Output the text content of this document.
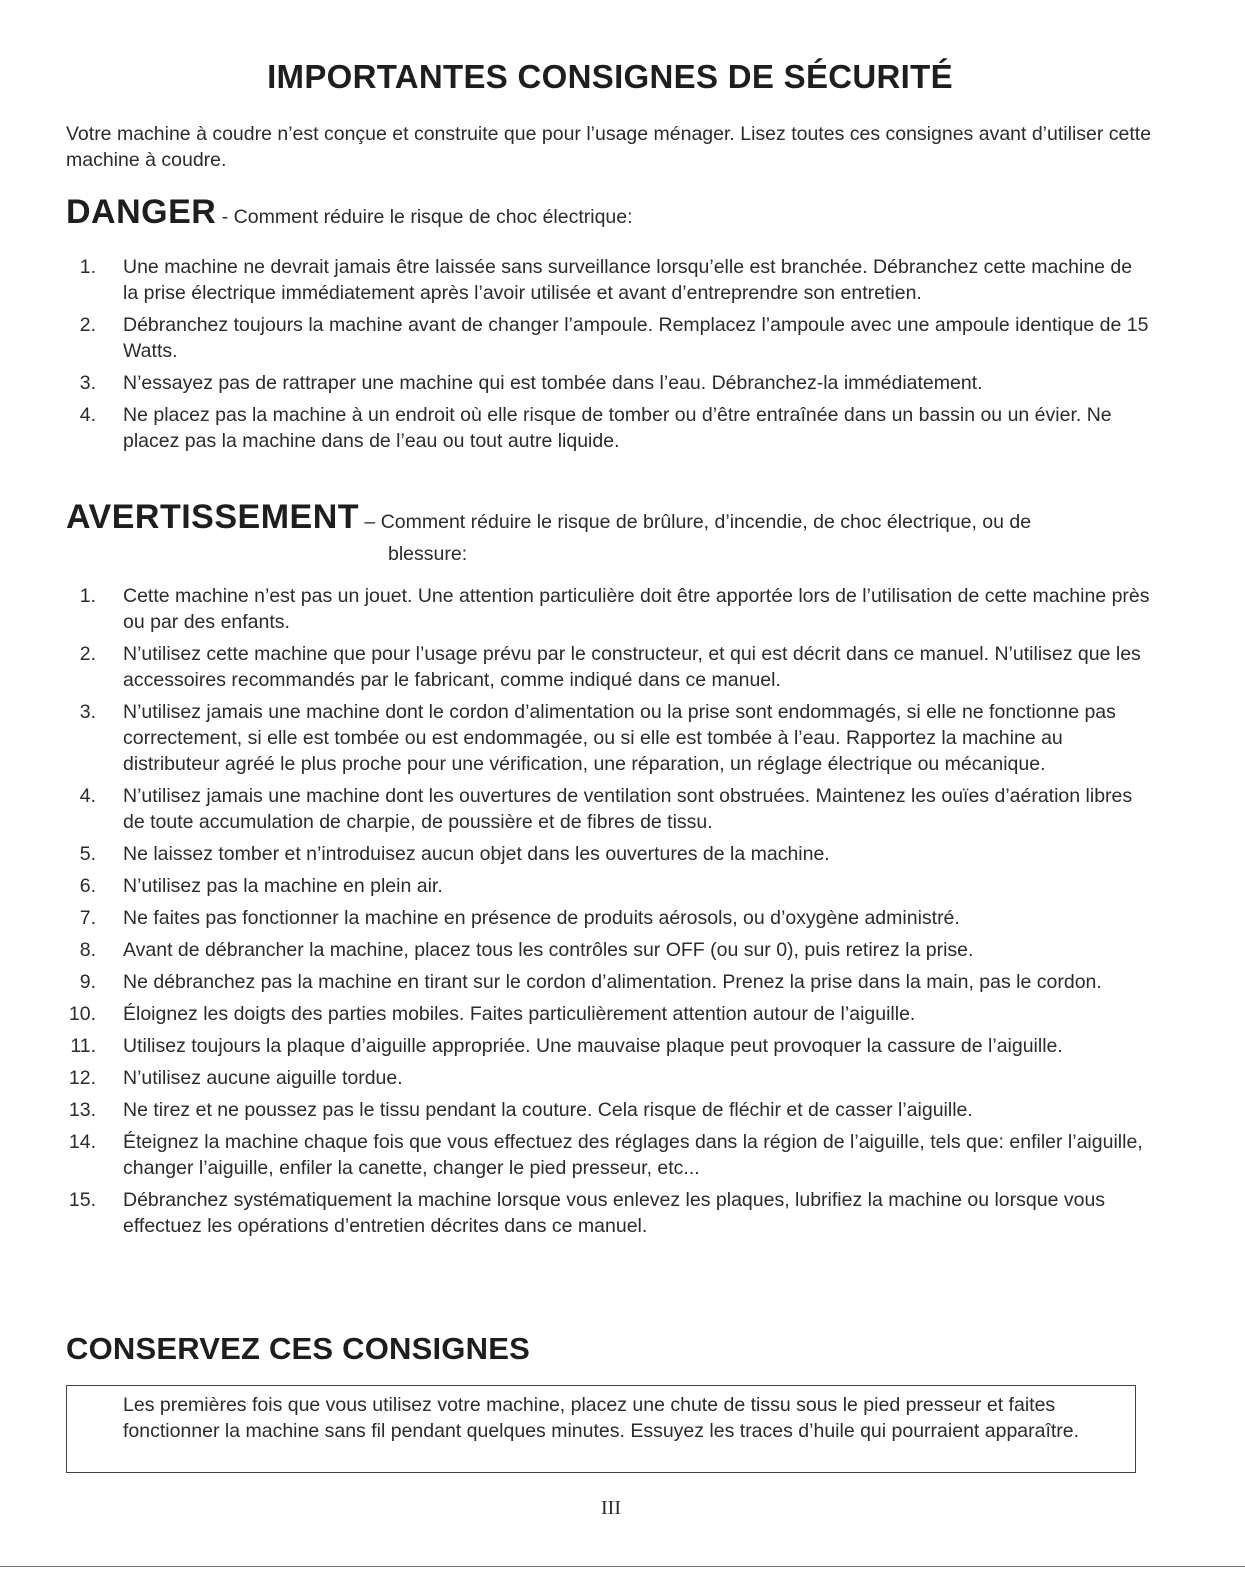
IMPORTANTES CONSIGNES DE SÉCURITÉ

Votre machine à coudre n’est conçue et construite que pour l’usage ménager. Lisez toutes ces consignes avant d’utiliser cette machine à coudre.

DANGER - Comment réduire le risque de choc électrique:
1. Une machine ne devrait jamais être laissée sans surveillance lorsqu’elle est branchée. Débranchez cette machine de la prise électrique immédiatement après l’avoir utilisée et avant d’entreprendre son entretien.
2. Débranchez toujours la machine avant de changer l’ampoule. Remplacez l’ampoule avec une ampoule identique de 15 Watts.
3. N’essayez pas de rattraper une machine qui est tombée dans l’eau. Débranchez-la immédiatement.
4. Ne placez pas la machine à un endroit où elle risque de tomber ou d’être entraînée dans un bassin ou un évier. Ne placez pas la machine dans de l’eau ou tout autre liquide.
AVERTISSEMENT – Comment réduire le risque de brûlure, d’incendie, de choc électrique, ou de
blessure:
1. Cette machine n’est pas un jouet. Une attention particulière doit être apportée lors de l’utilisation de cette machine près ou par des enfants.
2. N’utilisez cette machine que pour l’usage prévu par le constructeur, et qui est décrit dans ce manuel. N’utilisez que les accessoires recommandés par le fabricant, comme indiqué dans ce manuel.
3. N’utilisez jamais une machine dont le cordon d’alimentation ou la prise sont endommagés, si elle ne fonctionne pas correctement, si elle est tombée ou est endommagée, ou si elle est tombée à l’eau. Rapportez la machine au distributeur agréé le plus proche pour une vérification, une réparation, un réglage électrique ou mécanique.
4. N’utilisez jamais une machine dont les ouvertures de ventilation sont obstruées. Maintenez les ouïes d’aération libres de toute accumulation de charpie, de poussière et de fibres de tissu.
5. Ne laissez tomber et n’introduisez aucun objet dans les ouvertures de la machine.
6. N’utilisez pas la machine en plein air.
7. Ne faites pas fonctionner la machine en présence de produits aérosols, ou d’oxygène administré.
8. Avant de débrancher la machine, placez tous les contrôles sur OFF (ou sur 0), puis retirez la prise.
9. Ne débranchez pas la machine en tirant sur le cordon d’alimentation. Prenez la prise dans la main, pas le cordon.
10. Éloignez les doigts des parties mobiles. Faites particulièrement attention autour de l’aiguille.
11. Utilisez toujours la plaque d’aiguille appropriée. Une mauvaise plaque peut provoquer la cassure de l’aiguille.
12. N’utilisez aucune aiguille tordue.
13. Ne tirez et ne poussez pas le tissu pendant la couture. Cela risque de fléchir et de casser l’aiguille.
14. Éteignez la machine chaque fois que vous effectuez des réglages dans la région de l’aiguille, tels que: enfiler l’aiguille, changer l’aiguille, enfiler la canette, changer le pied presseur, etc...
15. Débranchez systématiquement la machine lorsque vous enlevez les plaques, lubrifiez la machine ou lorsque vous effectuez les opérations d’entretien décrites dans ce manuel.
CONSERVEZ CES CONSIGNES
Les premières fois que vous utilisez votre machine, placez une chute de tissu sous le pied presseur et faites fonctionner la machine sans fil pendant quelques minutes. Essuyez les traces d’huile qui pourraient apparaître.
III
